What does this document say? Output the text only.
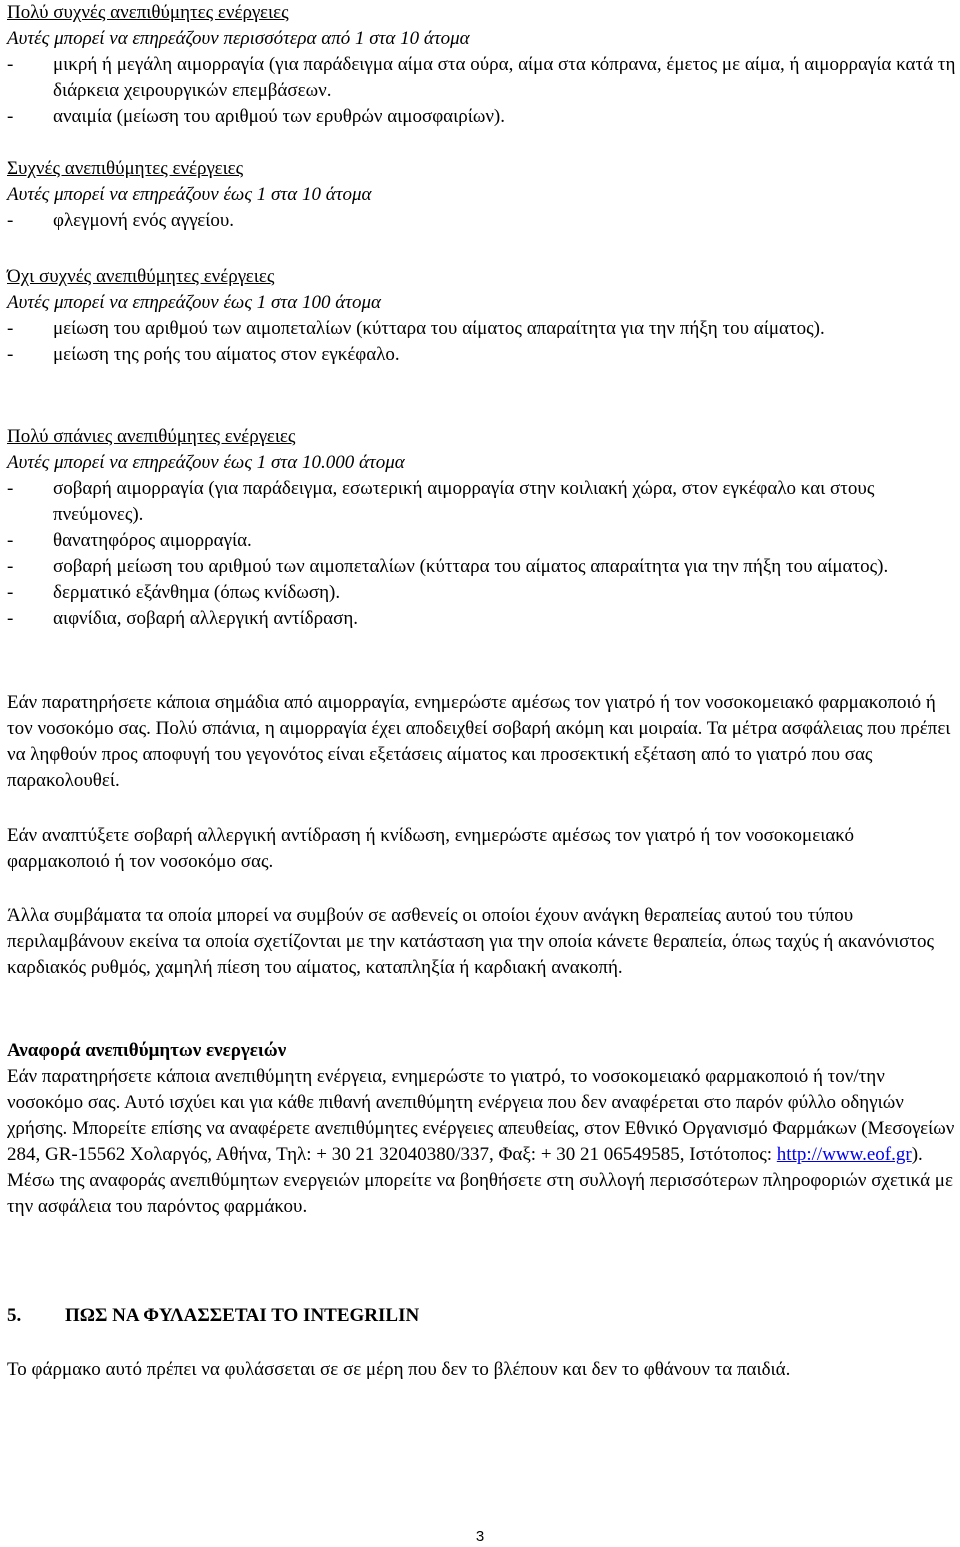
Πολύ συχνές ανεπιθύμητες ενέργειες
Αυτές μπορεί να επηρεάζουν περισσότερα από 1 στα 10 άτομα
-	μικρή ή μεγάλη αιμορραγία (για παράδειγμα αίμα στα ούρα, αίμα στα κόπρανα, έμετος με αίμα, ή αιμορραγία κατά τη διάρκεια χειρουργικών επεμβάσεων.
-	αναιμία (μείωση του αριθμού των ερυθρών αιμοσφαιρίων).
Συχνές ανεπιθύμητες ενέργειες
Αυτές μπορεί να επηρεάζουν έως 1 στα 10 άτομα
-	φλεγμονή ενός αγγείου.
Όχι συχνές ανεπιθύμητες ενέργειες
Αυτές μπορεί να επηρεάζουν έως 1 στα 100 άτομα
-	μείωση του αριθμού των αιμοπεταλίων (κύτταρα του αίματος απαραίτητα για την πήξη του αίματος).
-	μείωση της ροής του αίματος στον εγκέφαλο.
Πολύ σπάνιες ανεπιθύμητες ενέργειες
Αυτές μπορεί να επηρεάζουν έως 1 στα 10.000 άτομα
-	σοβαρή αιμορραγία (για παράδειγμα, εσωτερική αιμορραγία στην κοιλιακή χώρα, στον εγκέφαλο και στους πνεύμονες).
-	θανατηφόρος αιμορραγία.
-	σοβαρή μείωση του αριθμού των αιμοπεταλίων (κύτταρα του αίματος απαραίτητα για την πήξη του αίματος).
-	δερματικό εξάνθημα (όπως κνίδωση).
-	αιφνίδια, σοβαρή αλλεργική αντίδραση.
Εάν παρατηρήσετε κάποια σημάδια από αιμορραγία, ενημερώστε αμέσως τον γιατρό ή τον νοσοκομειακό φαρμακοποιό ή τον νοσοκόμο σας. Πολύ σπάνια, η αιμορραγία έχει αποδειχθεί σοβαρή ακόμη και μοιραία. Τα μέτρα ασφάλειας που πρέπει να ληφθούν προς αποφυγή του γεγονότος είναι εξετάσεις αίματος και προσεκτική εξέταση από το γιατρό που σας παρακολουθεί.
Εάν αναπτύξετε σοβαρή αλλεργική αντίδραση ή κνίδωση, ενημερώστε αμέσως τον γιατρό ή τον νοσοκομειακό φαρμακοποιό ή τον νοσοκόμο σας.
Άλλα συμβάματα τα οποία μπορεί να συμβούν σε ασθενείς οι οποίοι έχουν ανάγκη θεραπείας αυτού του τύπου περιλαμβάνουν εκείνα τα οποία σχετίζονται με την κατάσταση για την οποία κάνετε θεραπεία, όπως ταχύς ή ακανόνιστος καρδιακός ρυθμός, χαμηλή πίεση του αίματος, καταπληξία ή καρδιακή ανακοπή.
Αναφορά ανεπιθύμητων ενεργειών
Εάν παρατηρήσετε κάποια ανεπιθύμητη ενέργεια, ενημερώστε το γιατρό, το νοσοκομειακό φαρμακοποιό ή τον/την νοσοκόμο σας. Αυτό ισχύει και για κάθε πιθανή ανεπιθύμητη ενέργεια που δεν αναφέρεται στο παρόν φύλλο οδηγιών χρήσης. Μπορείτε επίσης να αναφέρετε ανεπιθύμητες ενέργειες απευθείας, στον Εθνικό Οργανισμό Φαρμάκων (Μεσογείων 284, GR-15562 Χολαργός, Αθήνα, Τηλ: + 30 21 32040380/337, Φαξ: + 30 21 06549585, Ιστότοπος: http://www.eof.gr). Μέσω της αναφοράς ανεπιθύμητων ενεργειών μπορείτε να βοηθήσετε στη συλλογή περισσότερων πληροφοριών σχετικά με την ασφάλεια του παρόντος φαρμάκου.
5.	ΠΩΣ ΝΑ ΦΥΛΑΣΣΕΤΑΙ ΤΟ INTEGRILIN
Το φάρμακο αυτό πρέπει να φυλάσσεται σε σε μέρη που δεν το βλέπουν και δεν το φθάνουν τα παιδιά.
3
